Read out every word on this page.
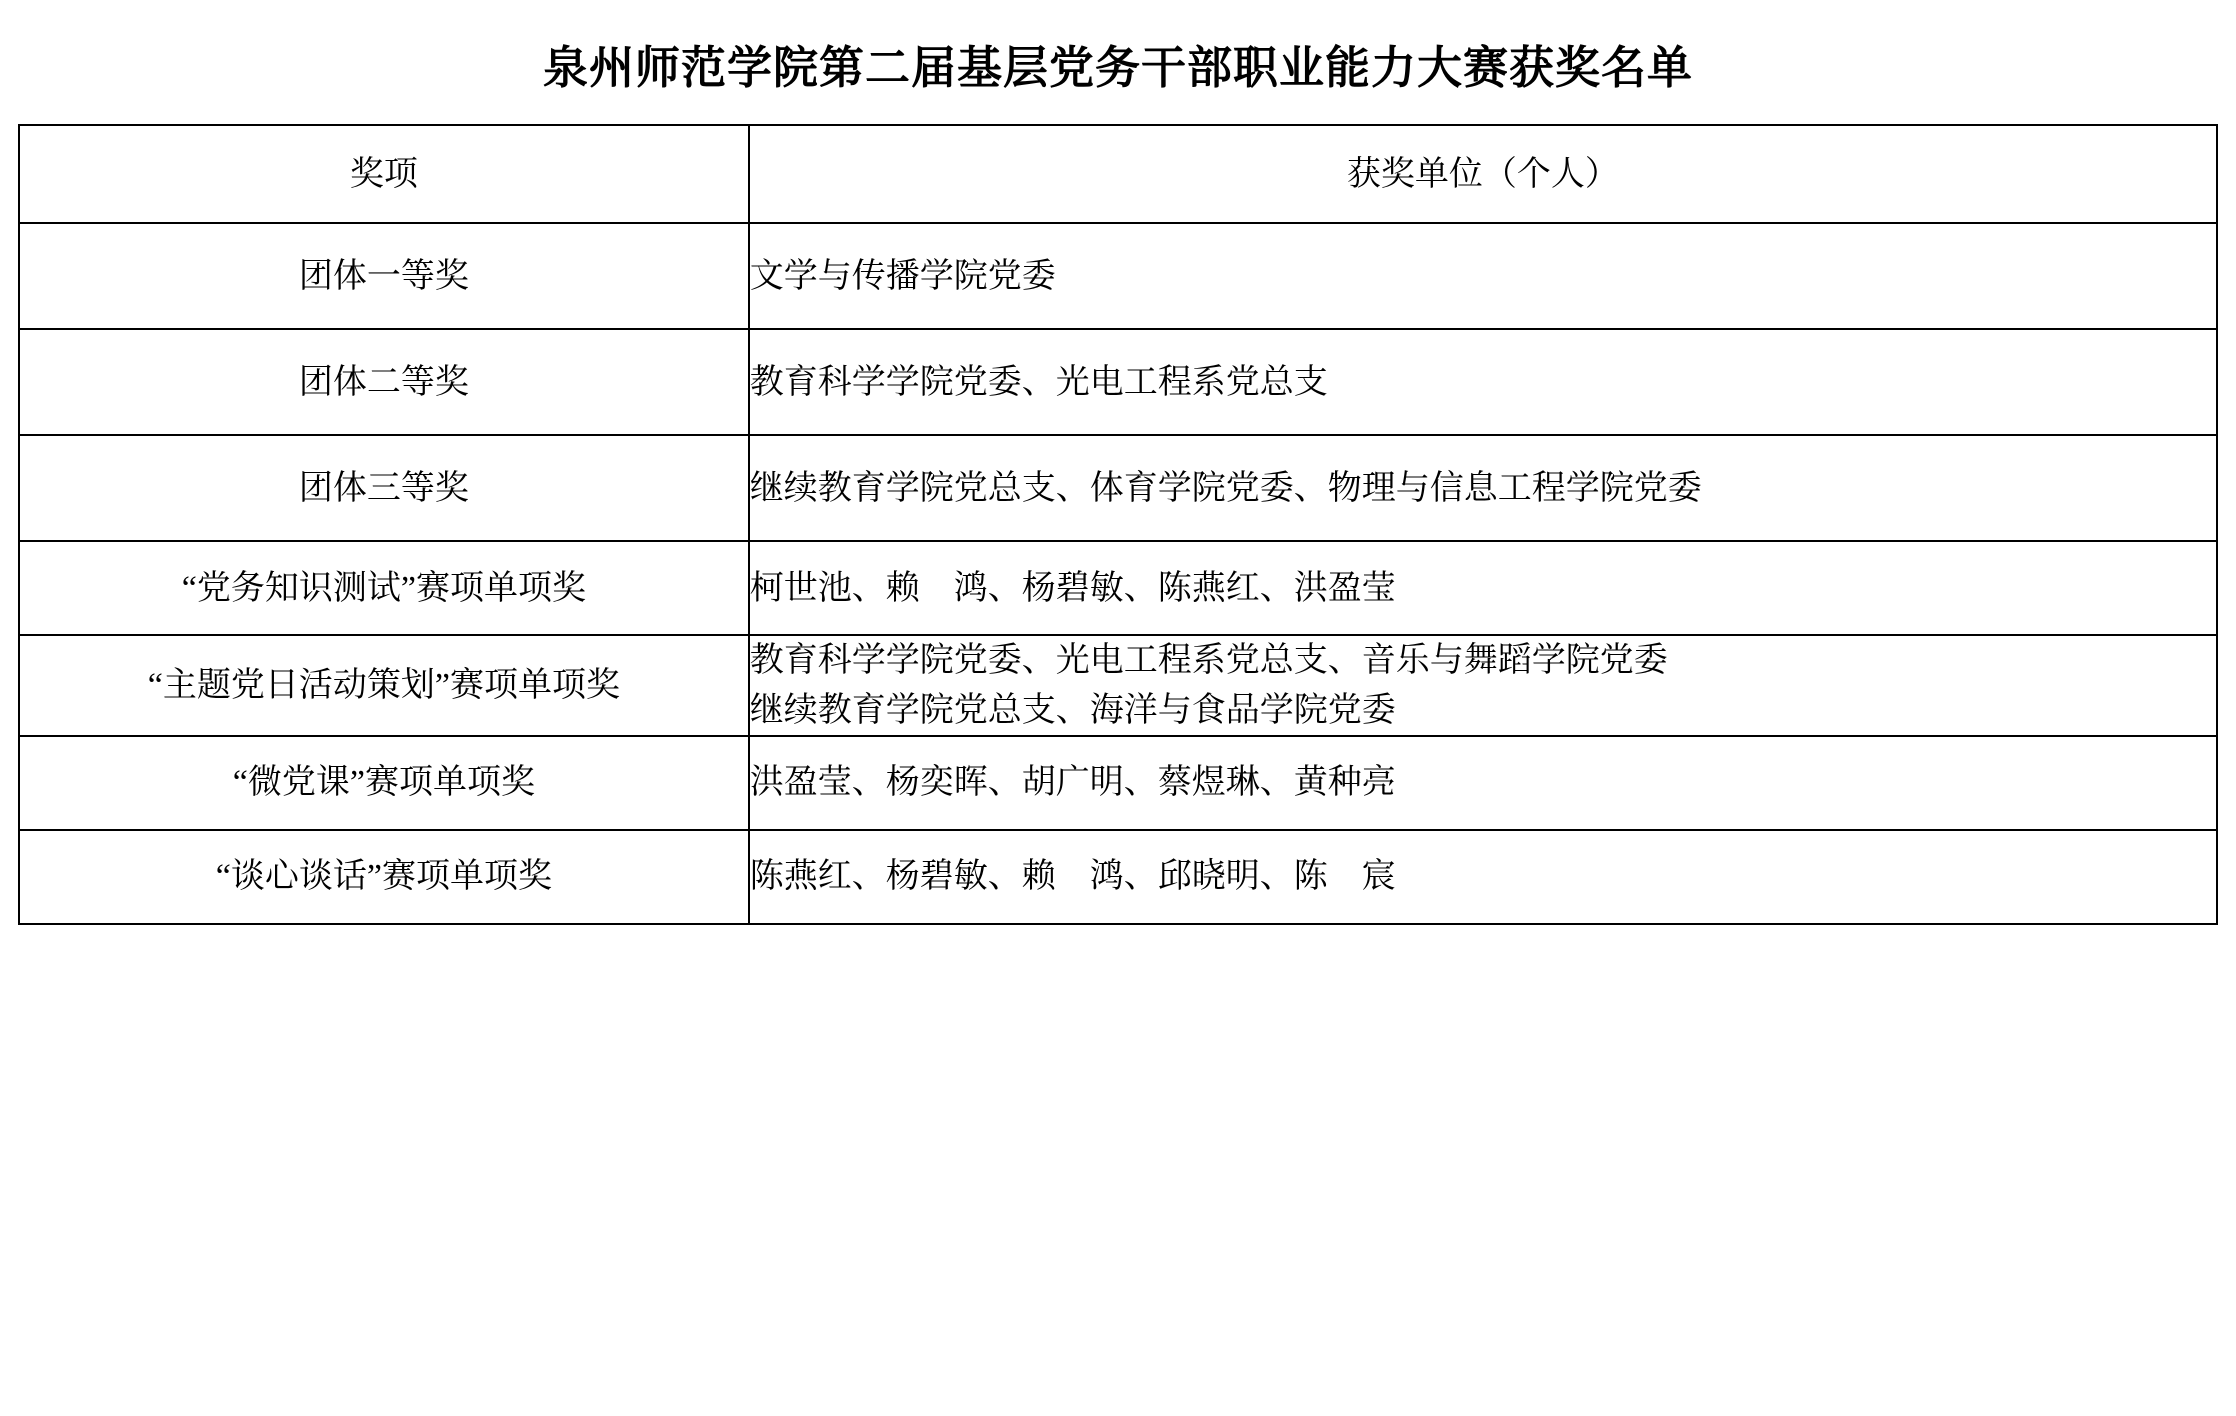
泉州师范学院第二届基层党务干部职业能力大赛获奖名单
奖项	获奖单位（个人）
团体一等奖	文学与传播学院党委

团体二等奖	教育科学学院党委、光电工程系党总支

团体三等奖	继续教育学院党总支、体育学院党委、物理与信息工程学院党委

“党务知识测试”赛项单项奖	柯世池、赖　鸿、杨碧敏、陈燕红、洪盈莹

“主题党日活动策划”赛项单项奖	教育科学学院党委、光电工程系党总支、音乐与舞蹈学院党委
继续教育学院党总支、海洋与食品学院党委

“微党课”赛项单项奖	洪盈莹、杨奕晖、胡广明、蔡煜琳、黄种亮

“谈心谈话”赛项单项奖	陈燕红、杨碧敏、赖　鸿、邱晓明、陈　宸
